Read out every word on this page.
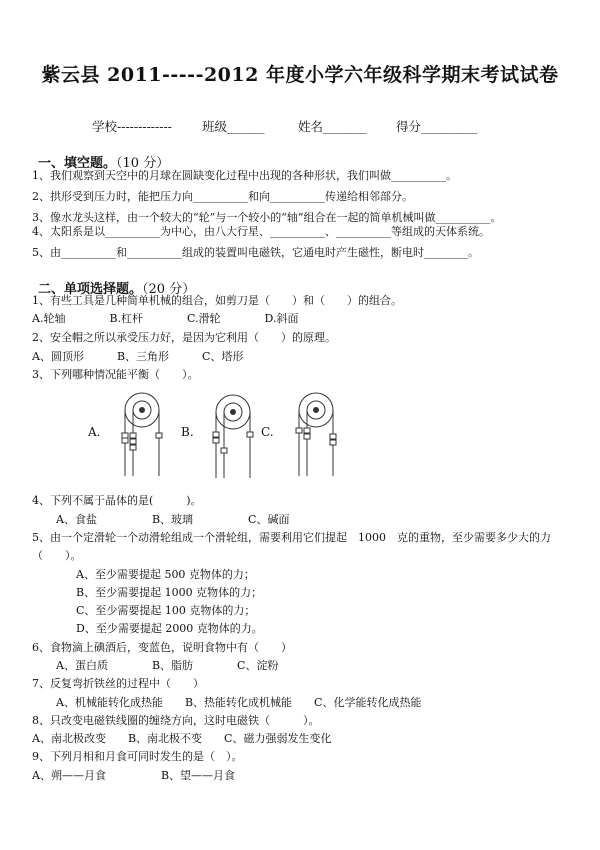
紫云县 2011-----2012 年度小学六年级科学期末考试试卷
学校------------- 班级______	姓名_______ 得分_________
一、填空题。（10 分）
1、我们观察到天空中的月球在圆缺变化过程中出现的各种形状，我们叫做__________。
2、拱形受到压力时，能把压力向__________和向__________传递给相邻部分。
3、像水龙头这样，由一个较大的“轮”与一个较小的“轴”组合在一起的简单机械叫做__________。
4、太阳系是以__________为中心，由八大行星、__________、__________等组成的天体系统。
5、由__________和__________组成的装置叫电磁铁，它通电时产生磁性，断电时________。
二、单项选择题。（20 分）
1、有些工具是几种简单机械的组合，如剪刀是（　　）和（　　）的组合。
A.轮轴　　　　B.杠杆　　　　C.滑轮　　　　D.斜面
2、安全帽之所以承受压力好，是因为它利用（　　）的原理。
A、圆顶形　　　B、三角形　　　C、塔形
3、下列哪种情况能平衡（　　）。
A.	B.	C.
4、下列不属于晶体的是(　　　)。
A、食盐　　　　　B、玻璃　　　　　C、碱面
5、由一个定滑轮一个动滑轮组成一个滑轮组，需要利用它们提起　1000　克的重物，至少需要多少大的力
（　　）。
A、至少需要提起 500 克物体的力；
B、至少需要提起 1000 克物体的力；
C、至少需要提起 100 克物体的力；
D、至少需要提起 2000 克物体的力。
6、食物滴上碘酒后，变蓝色，说明食物中有（　　）
A、蛋白质　　　　B、脂肪　　　　C、淀粉
7、反复弯折铁丝的过程中（　　）
A、机械能转化成热能　　B、热能转化成机械能　　C、化学能转化成热能
8、只改变电磁铁线圈的缠绕方向，这时电磁铁（　　　）。
A、南北极改变　　B、南北极不变　　C、磁力强弱发生变化
9、下列月相和月食可同时发生的是（　）。
A、朔——月食　　　　　B、望——月食
